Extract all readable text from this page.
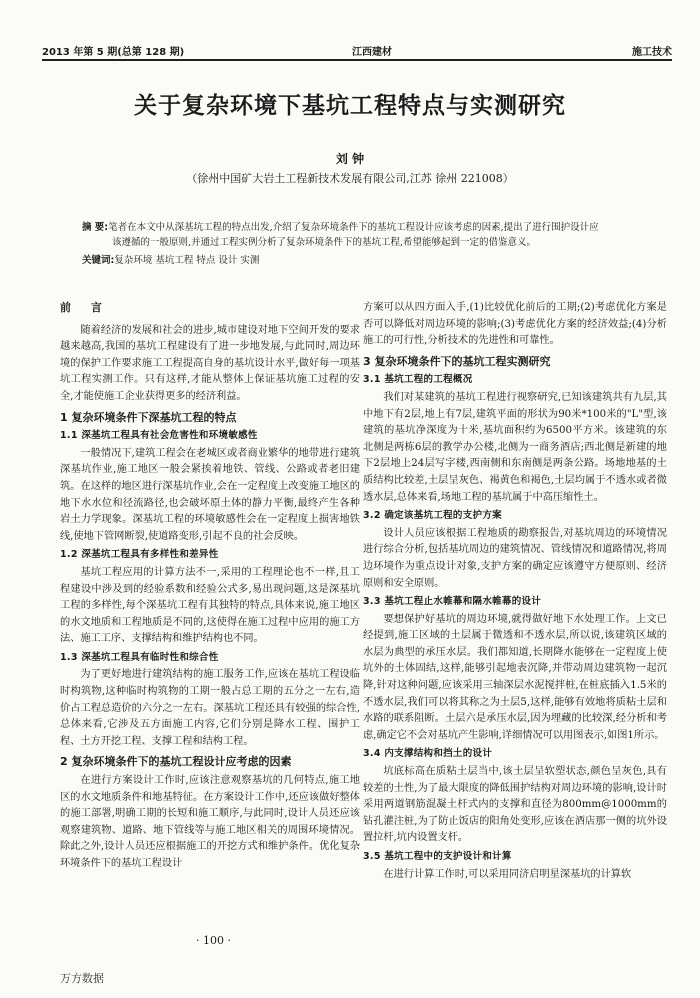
2013 年第 5 期(总第 128 期)	江西建材	施工技术
关于复杂环境下基坑工程特点与实测研究
刘 钟
（徐州中国矿大岩土工程新技术发展有限公司,江苏 徐州 221008）

摘 要:笔者在本文中从深基坑工程的特点出发,介绍了复杂环境条件下的基坑工程设计应该考虑的因素,提出了进行围护设计应

该遵循的一般原则,并通过工程实例分析了复杂环境条件下的基坑工程,希望能够起到一定的借鉴意义。

关键词:复杂环境 基坑工程 特点 设计 实测
前 言

随着经济的发展和社会的进步,城市建设对地下空间开发的要求越来越高,我国的基坑工程建设有了进一步地发展,与此同时,周边环境的保护工作要求施工工程提高自身的基坑设计水平,做好每一项基坑工程实测工作。只有这样,才能从整体上保证基坑施工过程的安全,才能使施工企业获得更多的经济利益。

1 复杂环境条件下深基坑工程的特点
1.1 深基坑工程具有社会危害性和环境敏感性

一般情况下,建筑工程会在老城区或者商业繁华的地带进行建筑深基坑作业,施工地区一般会紧挨着地铁、管线、公路或者老旧建筑。在这样的地区进行深基坑作业,会在一定程度上改变施工地区的地下水水位和径流路径,也会破坏原土体的静力平衡,最终产生各种岩土力学现象。深基坑工程的环境敏感性会在一定程度上损害地铁线,使地下管网断裂,使道路变形,引起不良的社会反映。

1.2 深基坑工程具有多样性和差异性

基坑工程应用的计算方法不一,采用的工程理论也不一样,且工程建设中涉及到的经验系数和经验公式多,易出现问题,这是深基坑工程的多样性,每个深基坑工程有其独特的特点,具体来说,施工地区的水文地质和工程地质是不同的,这使得在施工过程中应用的施工方法、施工工序、支撑结构和维护结构也不同。

1.3 深基坑工程具有临时性和综合性

为了更好地进行建筑结构的施工服务工作,应该在基坑工程设临时构筑物,这种临时构筑物的工期一般占总工期的五分之一左右,造价占工程总造价的六分之一左右。深基坑工程还具有较强的综合性,总体来看,它涉及五方面施工内容,它们分别是降水工程、围护工程、土方开挖工程、支撑工程和结构工程。

2 复杂环境条件下的基坑工程设计应考虑的因素

在进行方案设计工作时,应该注意观察基坑的几何特点,施工地区的水文地质条件和地基特征。在方案设计工作中,还应该做好整体的施工部署,明确工期的长短和施工顺序,与此同时,设计人员还应该观察建筑物、道路、地下管线等与施工地区相关的周围环境情况。除此之外,设计人员还应根据施工的开挖方式和维护条件。优化复杂环境条件下的基坑工程设计

方案可以从四方面入手,(1)比较优化前后的工期;(2)考虑优化方案是否可以降低对周边环境的影响;(3)考虑优化方案的经济效益;(4)分析施工的可行性,分析技术的先进性和可靠性。

3 复杂环境条件下的基坑工程实测研究
3.1 基坑工程的工程概况

我们对某建筑的基坑工程进行视察研究,已知该建筑共有九层,其中地下有2层,地上有7层,建筑平面的形状为90米*100米的"L"型,该建筑的基坑净深度为十米,基坑面积约为6500平方米。该建筑的东北侧是两栋6层的教学办公楼,北侧为一商务酒店;西北侧是新建的地下2层地上24层写字楼,西南侧和东南侧是两条公路。场地地基的土质结构比较差,土层呈灰色、褐黄色和褐色,土层均属于不透水或者微透水层,总体来看,场地工程的基坑属于中高压缩性土。

3.2 确定该基坑工程的支护方案

设计人员应该根据工程地质的勘察报告,对基坑周边的环境情况进行综合分析,包括基坑周边的建筑情况、管线情况和道路情况,将周边环境作为重点设计对象,支护方案的确定应该遵守方便原则、经济原则和安全原则。

3.3 基坑工程止水帷幕和隔水帷幕的设计

要想保护好基坑的周边环境,就得做好地下水处理工作。上文已经提到,施工区域的土层属于微透和不透水层,所以说,该建筑区域的水层为典型的承压水层。我们都知道,长期降水能够在一定程度上使坑外的土体固结,这样,能够引起地表沉降,并带动周边建筑物一起沉降,针对这种问题,应该采用三轴深层水泥搅拌桩,在桩底插入1.5米的不透水层,我们可以将其称之为土层5,这样,能够有效地将质粘土层和水路的联系阻断。土层六是承压水层,因为埋藏的比较深,经分析和考虑,确定它不会对基坑产生影响,详细情况可以用图表示,如图1所示。

3.4 内支撑结构和挡土的设计

坑底标高在质粘土层当中,该土层呈软塑状态,颜色呈灰色,具有较差的土性,为了最大限度的降低围护结构对周边环境的影响,设计时采用两道钢筋混凝土杆式内的支撑和直径为800mm@1000mm的钻孔灌注桩,为了防止饭店的阳角处变形,应该在酒店那一侧的坑外设置拉杆,坑内设置支杆。

3.5 基坑工程中的支护设计和计算

在进行计算工作时,可以采用同济启明星深基坑的计算软

· 100 ·
万方数据
